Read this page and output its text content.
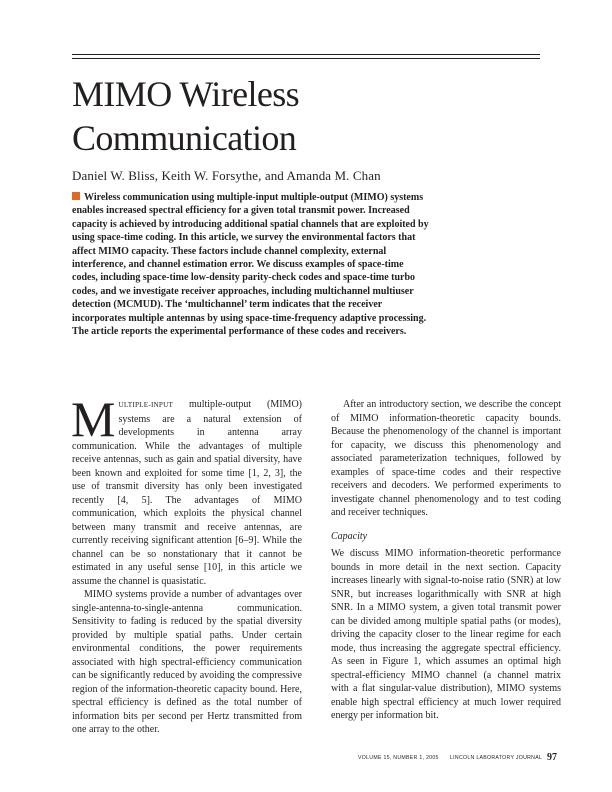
MIMO Wireless
Communication
Daniel W. Bliss, Keith W. Forsythe, and Amanda M. Chan

Wireless communication using multiple-input multiple-output (MIMO) systems enables increased spectral efficiency for a given total transmit power. Increased capacity is achieved by introducing additional spatial channels that are exploited by using space-time coding. In this article, we survey the environmental factors that affect MIMO capacity. These factors include channel complexity, external interference, and channel estimation error. We discuss examples of space-time codes, including space-time low-density parity-check codes and space-time turbo codes, and we investigate receiver approaches, including multichannel multiuser detection (MCMUD). The ‘multichannel’ term indicates that the receiver incorporates multiple antennas by using space-time-frequency adaptive processing. The article reports the experimental performance of these codes and receivers.

MULTIPLE-INPUT multiple-output (MIMO) systems are a natural extension of developments in antenna array communication. While the advantages of multiple receive antennas, such as gain and spatial diversity, have been known and exploited for some time [1, 2, 3], the use of transmit diversity has only been investigated recently [4, 5]. The advantages of MIMO communication, which exploits the physical channel between many transmit and receive antennas, are currently receiving significant attention [6–9]. While the channel can be so nonstationary that it cannot be estimated in any useful sense [10], in this article we assume the channel is quasistatic.

MIMO systems provide a number of advantages over single-antenna-to-single-antenna communication. Sensitivity to fading is reduced by the spatial diversity provided by multiple spatial paths. Under certain environmental conditions, the power requirements associated with high spectral-efficiency communication can be significantly reduced by avoiding the compressive region of the information-theoretic capacity bound. Here, spectral efficiency is defined as the total number of information bits per second per Hertz transmitted from one array to the other.

After an introductory section, we describe the concept of MIMO information-theoretic capacity bounds. Because the phenomenology of the channel is important for capacity, we discuss this phenomenology and associated parameterization techniques, followed by examples of space-time codes and their respective receivers and decoders. We performed experiments to investigate channel phenomenology and to test coding and receiver techniques.

Capacity

We discuss MIMO information-theoretic performance bounds in more detail in the next section. Capacity increases linearly with signal-to-noise ratio (SNR) at low SNR, but increases logarithmically with SNR at high SNR. In a MIMO system, a given total transmit power can be divided among multiple spatial paths (or modes), driving the capacity closer to the linear regime for each mode, thus increasing the aggregate spectral efficiency. As seen in Figure 1, which assumes an optimal high spectral-efficiency MIMO channel (a channel matrix with a flat singular-value distribution), MIMO systems enable high spectral efficiency at much lower required energy per information bit.

VOLUME 15, NUMBER 1, 2005 LINCOLN LABORATORY JOURNAL 97
